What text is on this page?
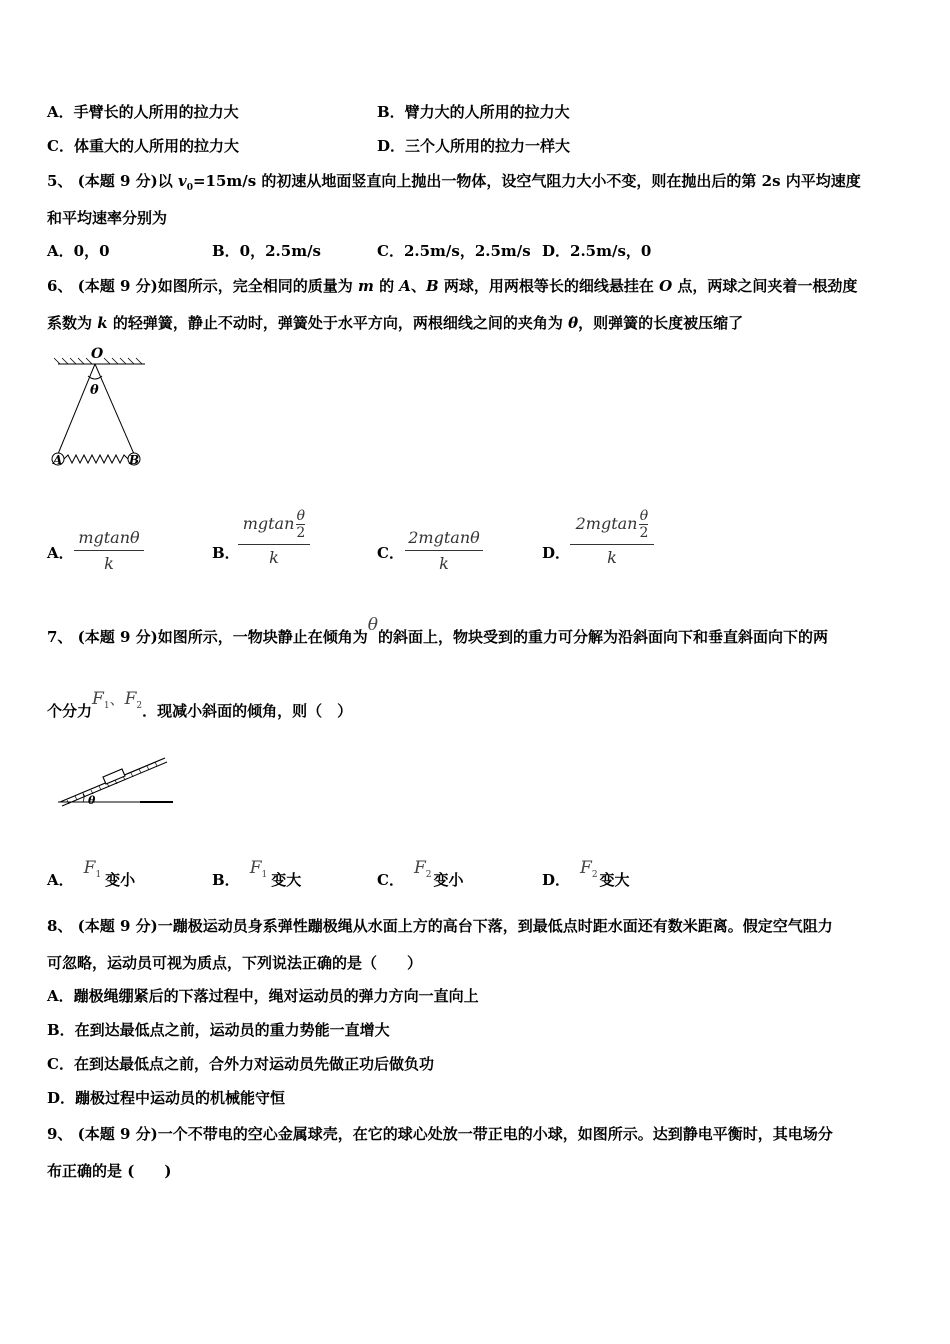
A．手臂长的人所用的拉力大	B．臂力大的人所用的拉力大
C．体重大的人所用的拉力大	D．三个人所用的拉力一样大
5、 (本题 9 分)以 $v_0=15m/s$ 的初速从地面竖直向上抛出一物体，设空气阻力大小不变，则在抛出后的第 2s 内平均速度
和平均速率分别为
A．0，0	B．0，2.5m/s	C．2.5m/s，2.5m/s D．2.5m/s，0
6、 (本题 9 分)如图所示，完全相同的质量为 m 的 A、B 两球，用两根等长的细线悬挂在 O 点，两球之间夹着一根劲度
系数为 k 的轻弹簧，静止不动时，弹簧处于水平方向，两根细线之间的夹角为 θ，则弹簧的长度被压缩了
O
θ
A	B
A．
mgtanθ
k
B．
mgtan $\frac{\theta}{2}$
k	C．
2mgtanθ
k
D．
$2mgtan \frac{\theta}{2}$
k
7、 (本题 9 分)如图所示，一物块静止在倾角为θ的斜面上，物块受到的重力可分解为沿斜面向下和垂直斜面向下的两
个分力$F_1$、$F_2$．现减小斜面的倾角，则（　）
θ
A．$F_1$ 变小	B．$F_1$ 变大	C．$F_2$ 变小	D．$F_2$ 变大
8、 (本题 9 分)一蹦极运动员身系弹性蹦极绳从水面上方的高台下落，到最低点时距水面还有数米距离。假定空气阻力
可忽略，运动员可视为质点，下列说法正确的是（　　）
A．蹦极绳绷紧后的下落过程中，绳对运动员的弹力方向一直向上
B．在到达最低点之前，运动员的重力势能一直增大
C．在到达最低点之前，合外力对运动员先做正功后做负功
D．蹦极过程中运动员的机械能守恒
9、 (本题 9 分)一个不带电的空心金属球壳，在它的球心处放一带正电的小球，如图所示。达到静电平衡时，其电场分
布正确的是 (　　)
